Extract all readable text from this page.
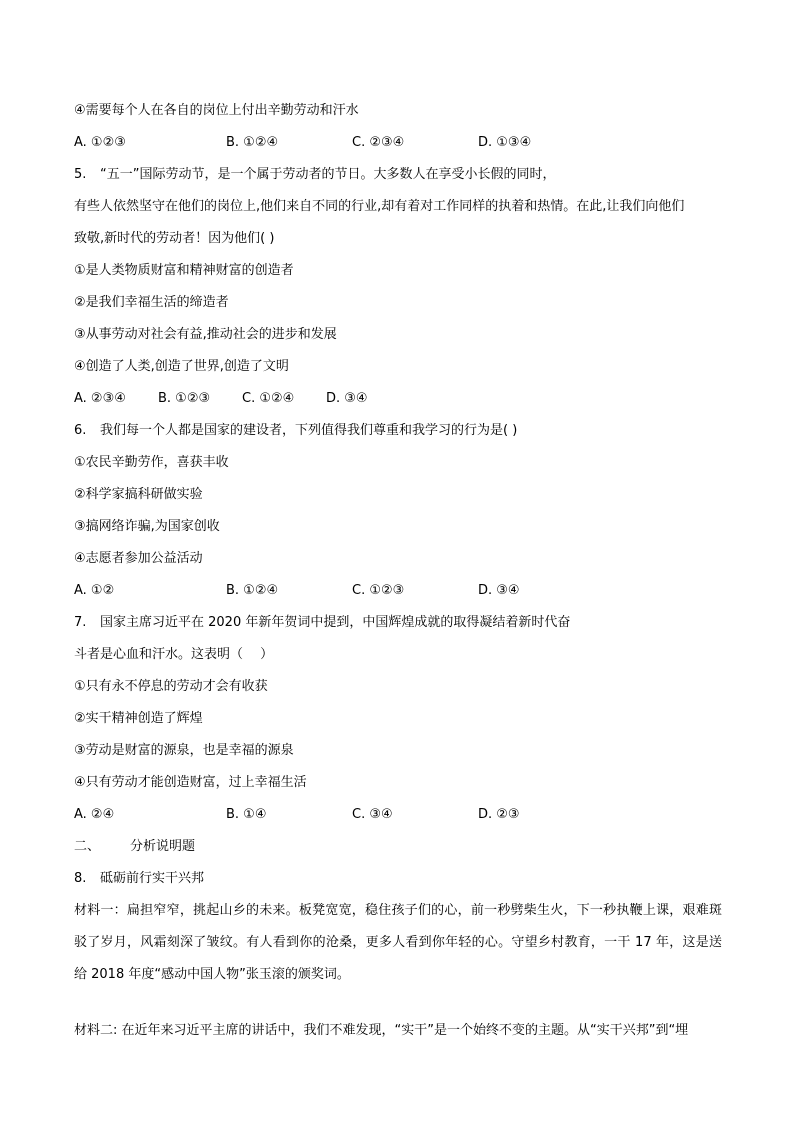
④需要每个人在各自的岗位上付出辛勤劳动和汗水
A. ①②③	B. ①②④	C. ②③④	D. ①③④
5. “五一”国际劳动节，是一个属于劳动者的节日。大多数人在享受小长假的同时，
有些人依然坚守在他们的岗位上,他们来自不同的行业,却有着对工作同样的执着和热情。在此,让我们向他们
致敬,新时代的劳动者！因为他们( )
①是人类物质财富和精神财富的创造者
②是我们幸福生活的缔造者
③从事劳动对社会有益,推动社会的进步和发展
④创造了人类,创造了世界,创造了文明
A. ②③④ B. ①②③ C. ①②④ D. ③④
6. 我们每一个人都是国家的建设者，下列值得我们尊重和我学习的行为是( )
①农民辛勤劳作，喜获丰收
②科学家搞科研做实验
③搞网络诈骗,为国家创收
④志愿者参加公益活动
A. ①②	B. ①②④	C. ①②③	D. ③④
7. 国家主席习近平在 2020 年新年贺词中提到，中国辉煌成就的取得凝结着新时代奋
斗者是心血和汗水。这表明（　 ）
①只有永不停息的劳动才会有收获
②实干精神创造了辉煌
③劳动是财富的源泉，也是幸福的源泉
④只有劳动才能创造财富，过上幸福生活
A. ②④	B. ①④	C. ③④	D. ②③
二、 分析说明题
8. 砥砺前行实干兴邦
材料一：扁担窄窄，挑起山乡的未来。板凳宽宽，稳住孩子们的心，前一秒劈柴生火，下一秒执鞭上课，艰难斑驳了岁月，风霜刻深了皱纹。有人看到你的沧桑，更多人看到你年轻的心。守望乡村教育，一干 17 年，这是送给 2018 年度“感动中国人物”张玉滚的颁奖词。
材料二: 在近年来习近平主席的讲话中，我们不难发现，“实干”是一个始终不变的主题。从“实干兴邦”到“埋
